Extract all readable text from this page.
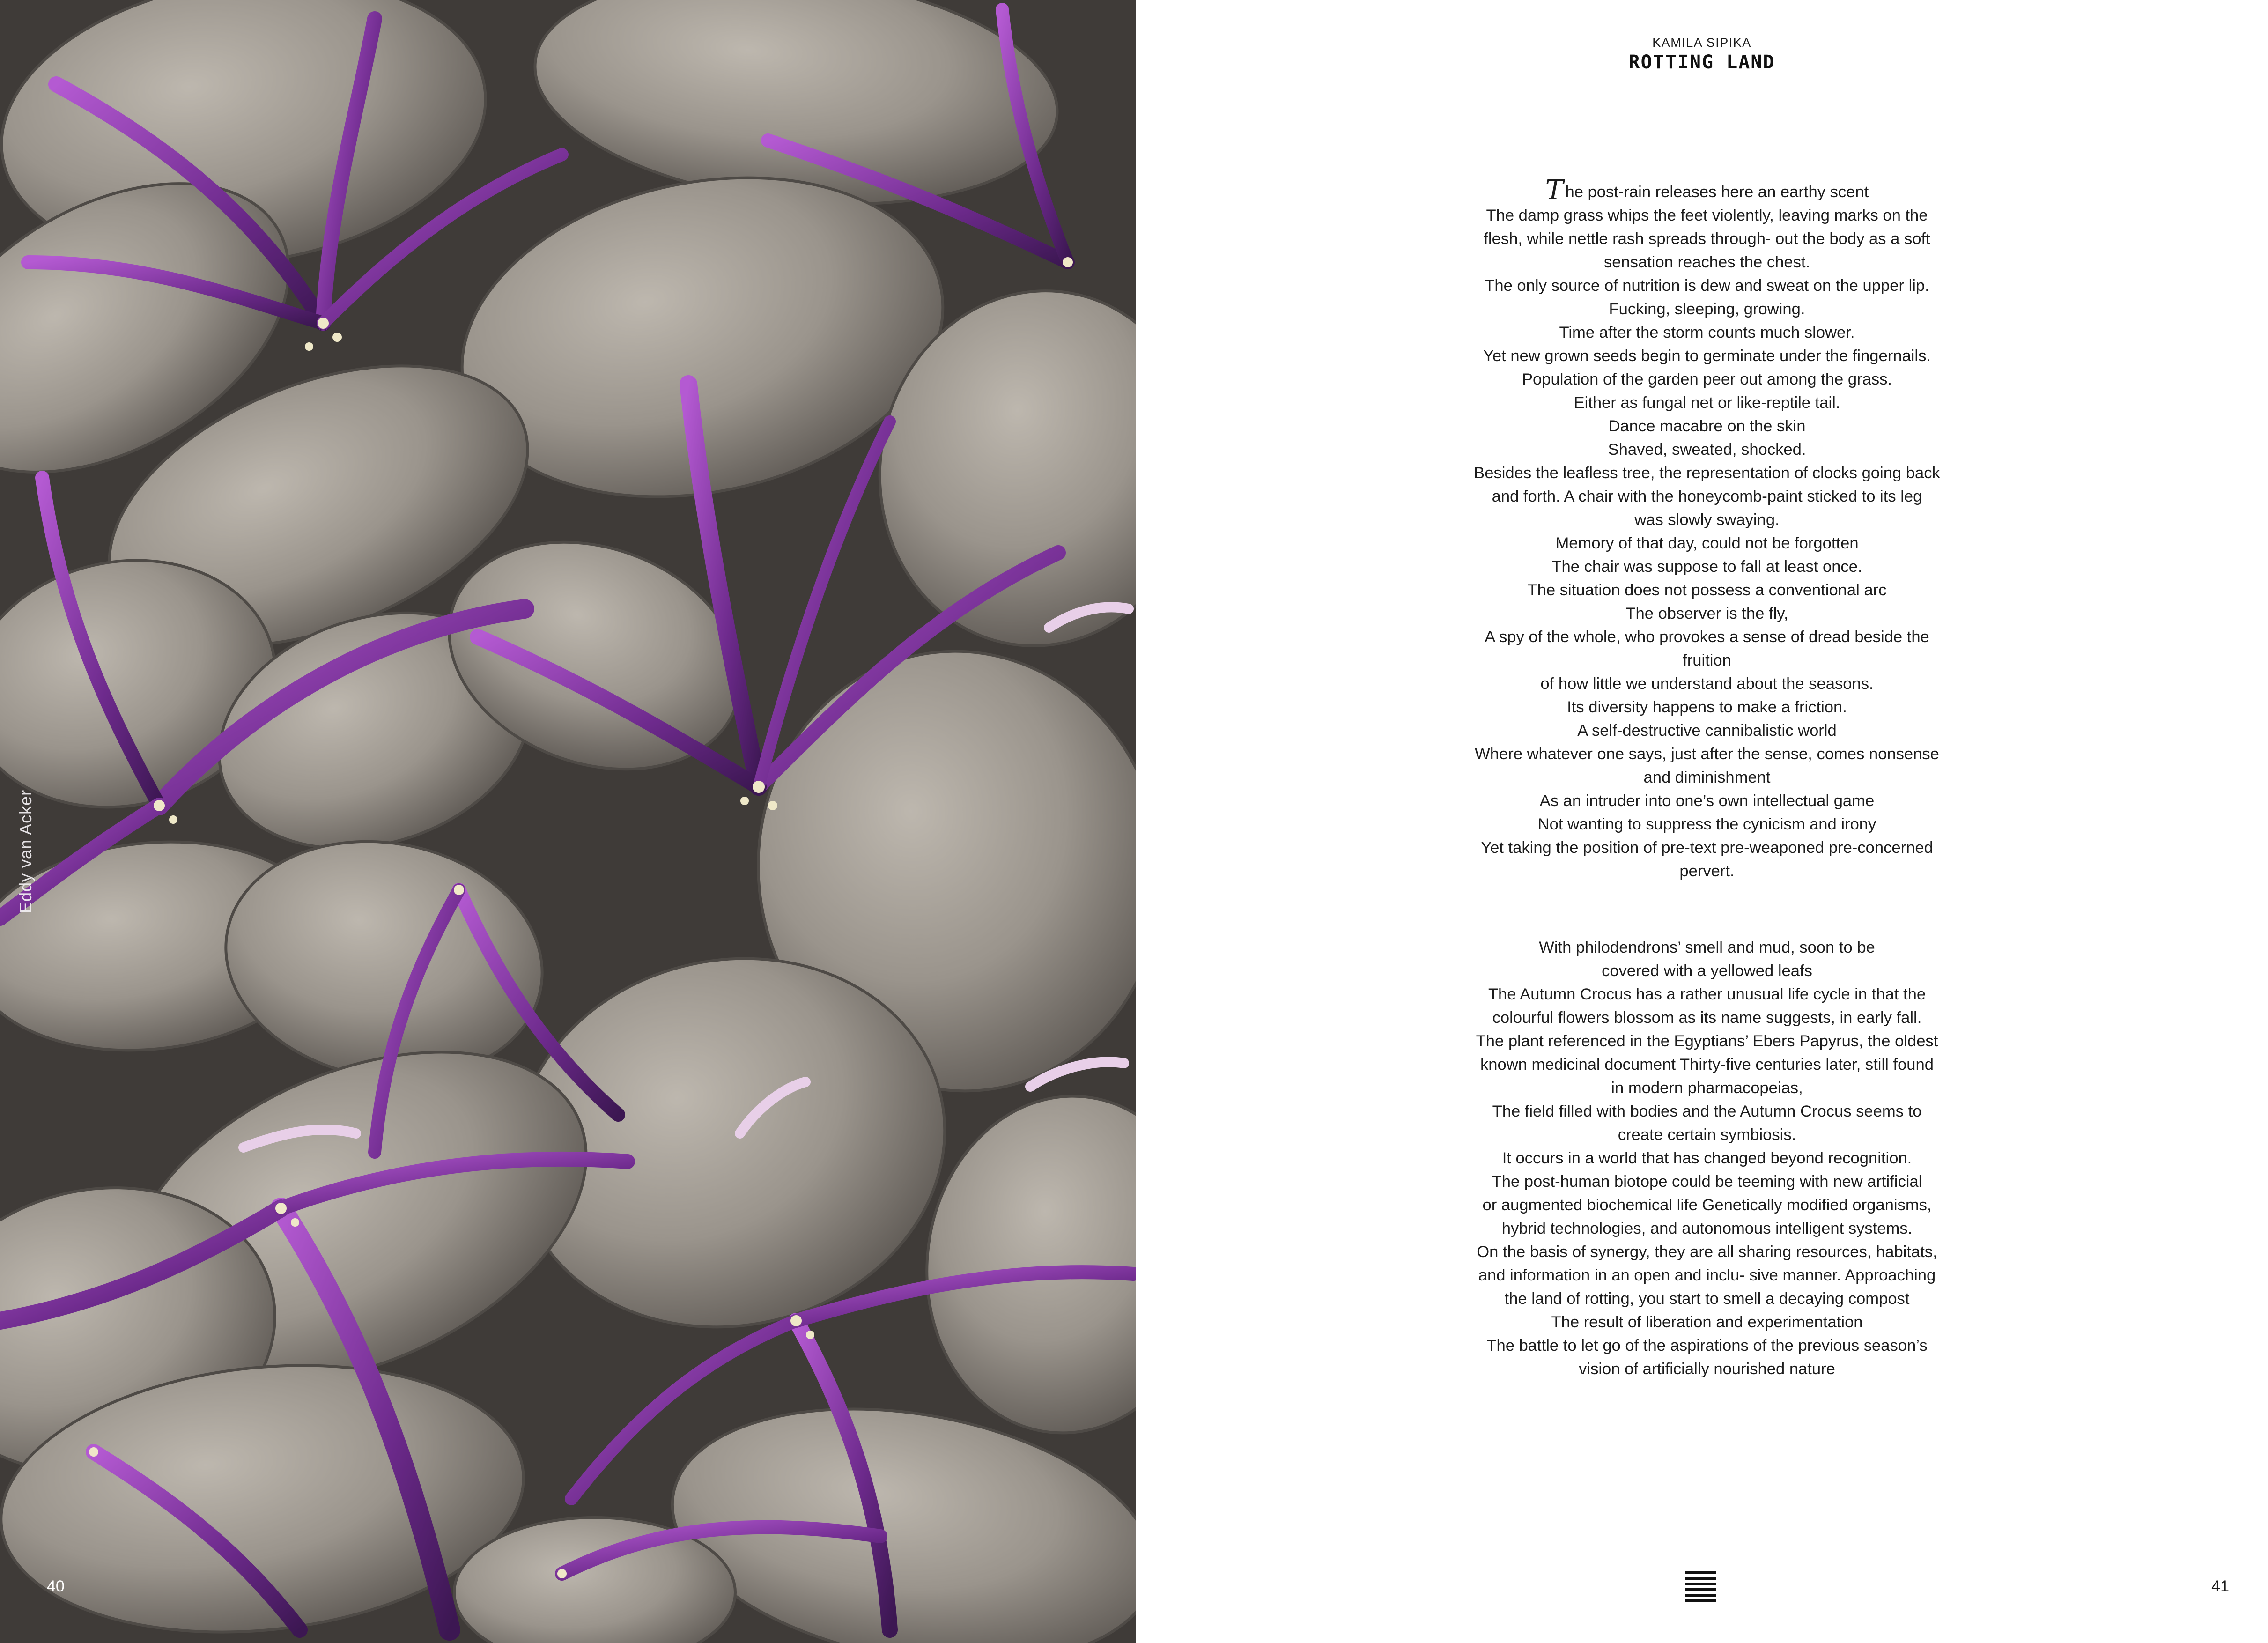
Eddy van Acker
40
KAMILA SIPIKA
ROTTING LAND
The post-rain releases here an earthy scent
The damp grass whips the feet violently, leaving marks on the
flesh, while nettle rash spreads through- out the body as a soft
sensation reaches the chest.
The only source of nutrition is dew and sweat on the upper lip.
Fucking, sleeping, growing.
Time after the storm counts much slower.
Yet new grown seeds begin to germinate under the fingernails.
Population of the garden peer out among the grass.
Either as fungal net or like-reptile tail.
Dance macabre on the skin
Shaved, sweated, shocked.
Besides the leafless tree, the representation of clocks going back
and forth. A chair with the honeycomb-paint sticked to its leg
was slowly swaying.
Memory of that day, could not be forgotten
The chair was suppose to fall at least once.
The situation does not possess a conventional arc
The observer is the fly,
A spy of the whole, who provokes a sense of dread beside the
fruition
of how little we understand about the seasons.
Its diversity happens to make a friction.
A self-destructive cannibalistic world
Where whatever one says, just after the sense, comes nonsense
and diminishment
As an intruder into one’s own intellectual game
Not wanting to suppress the cynicism and irony
Yet taking the position of pre-text pre-weaponed pre-concerned
pervert.
With philodendrons’ smell and mud, soon to be
covered with a yellowed leafs
The Autumn Crocus has a rather unusual life cycle in that the
colourful flowers blossom as its name suggests, in early fall.
The plant referenced in the Egyptians’ Ebers Papyrus, the oldest
known medicinal document Thirty-five centuries later, still found
in modern pharmacopeias,
The field filled with bodies and the Autumn Crocus seems to
create certain symbiosis.
It occurs in a world that has changed beyond recognition.
The post-human biotope could be teeming with new artificial
or augmented biochemical life Genetically modified organisms,
hybrid technologies, and autonomous intelligent systems.
On the basis of synergy, they are all sharing resources, habitats,
and information in an open and inclu- sive manner. Approaching
the land of rotting, you start to smell a decaying compost
The result of liberation and experimentation
The battle to let go of the aspirations of the previous season’s
vision of artificially nourished nature
41
